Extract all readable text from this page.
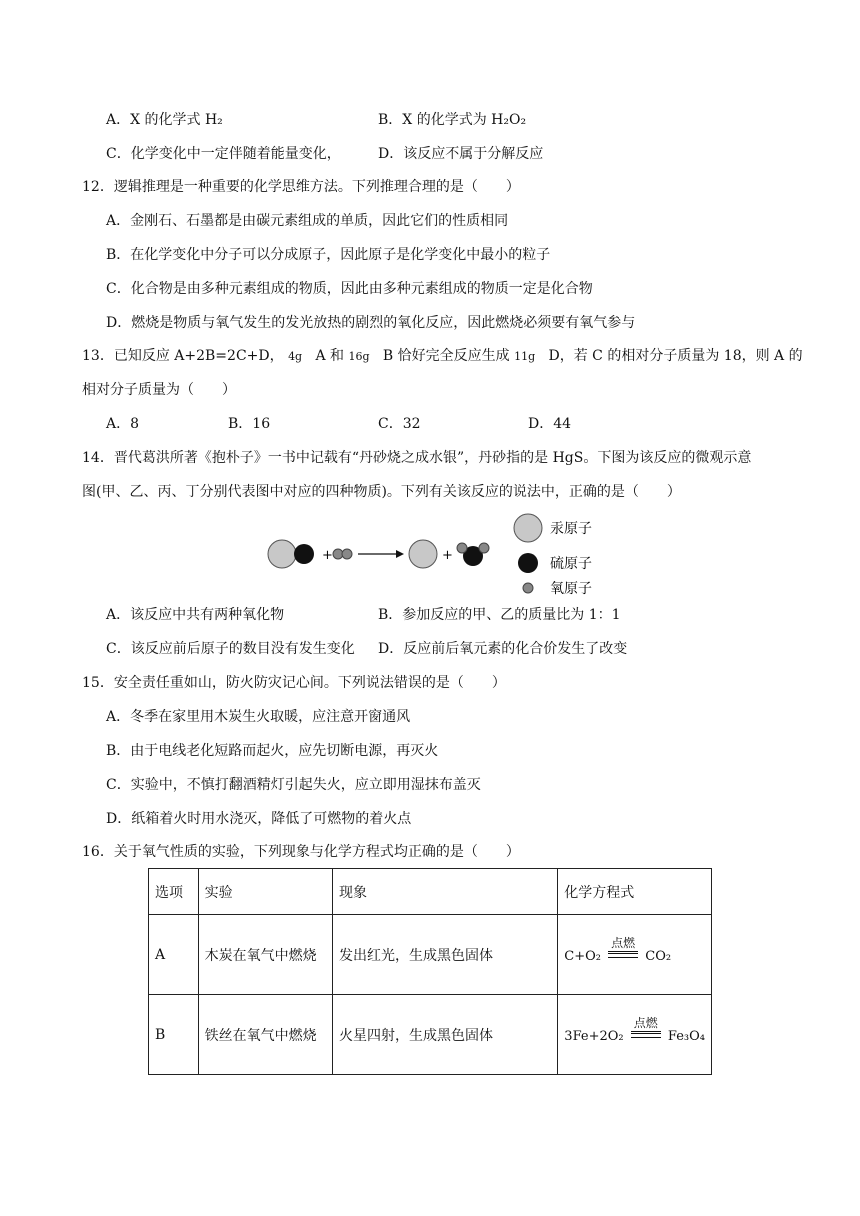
A．X 的化学式 H₂	B．X 的化学式为 H₂O₂
C．化学变化中一定伴随着能量变化，	D．该反应不属于分解反应
12．逻辑推理是一种重要的化学思维方法。下列推理合理的是（　　）
A．金刚石、石墨都是由碳元素组成的单质，因此它们的性质相同
B．在化学变化中分子可以分成原子，因此原子是化学变化中最小的粒子
C．化合物是由多种元素组成的物质，因此由多种元素组成的物质一定是化合物
D．燃烧是物质与氧气发生的发光放热的剧烈的氧化反应，因此燃烧必须要有氧气参与
13．已知反应 A+2B=2C+D， 4g A 和 16g B 恰好完全反应生成 11g D，若 C 的相对分子质量为 18，则 A 的
相对分子质量为（　　）
A．8	B．16	C．32	D．44
14．晋代葛洪所著《抱朴子》一书中记载有“丹砂烧之成水银”，丹砂指的是 HgS。下图为该反应的微观示意
图(甲、乙、丙、丁分别代表图中对应的四种物质)。下列有关该反应的说法中，正确的是（　　）
+	+
汞原子
硫原子
氧原子
A．该反应中共有两种氧化物	B．参加反应的甲、乙的质量比为 1：1
C．该反应前后原子的数目没有发生变化 D．反应前后氧元素的化合价发生了改变
15．安全责任重如山，防火防灾记心间。下列说法错误的是（　　）
A．冬季在家里用木炭生火取暖，应注意开窗通风
B．由于电线老化短路而起火，应先切断电源，再灭火
C．实验中，不慎打翻酒精灯引起失火，应立即用湿抹布盖灭
D．纸箱着火时用水浇灭，降低了可燃物的着火点
16．关于氧气性质的实验，下列现象与化学方程式均正确的是（　　）
选项	实验	现象	化学方程式
A	木炭在氧气中燃烧	发出红光，生成黑色固体	C+O₂
点燃
CO₂
B	铁丝在氧气中燃烧	火星四射，生成黑色固体	3Fe+2O₂
点燃
Fe₃O₄
